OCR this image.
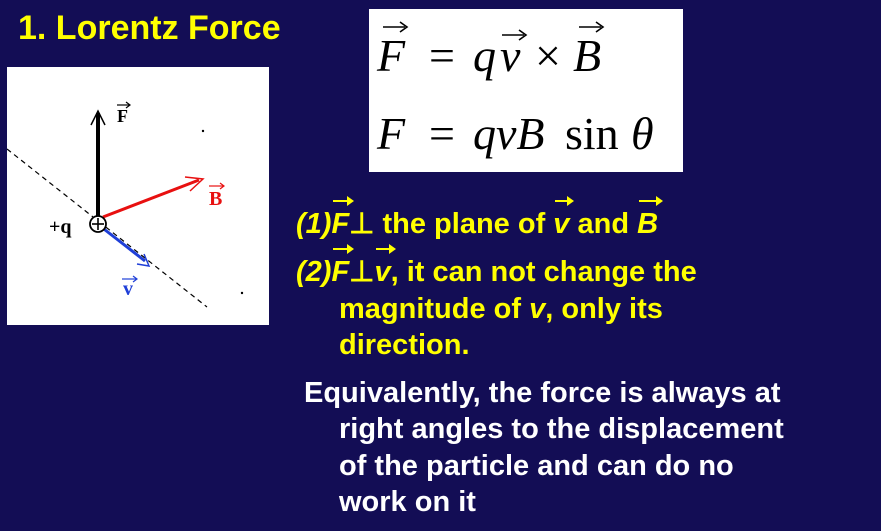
1. Lorentz Force
F
B
v
+q
F = q v × B
F = qvB sin θ
(1)F⊥ the plane of v and B
(2)F⊥v, it can not change the
magnitude of v, only its
direction.
Equivalently, the force is always at
right angles to the displacement
of the particle and can do no
work on it
